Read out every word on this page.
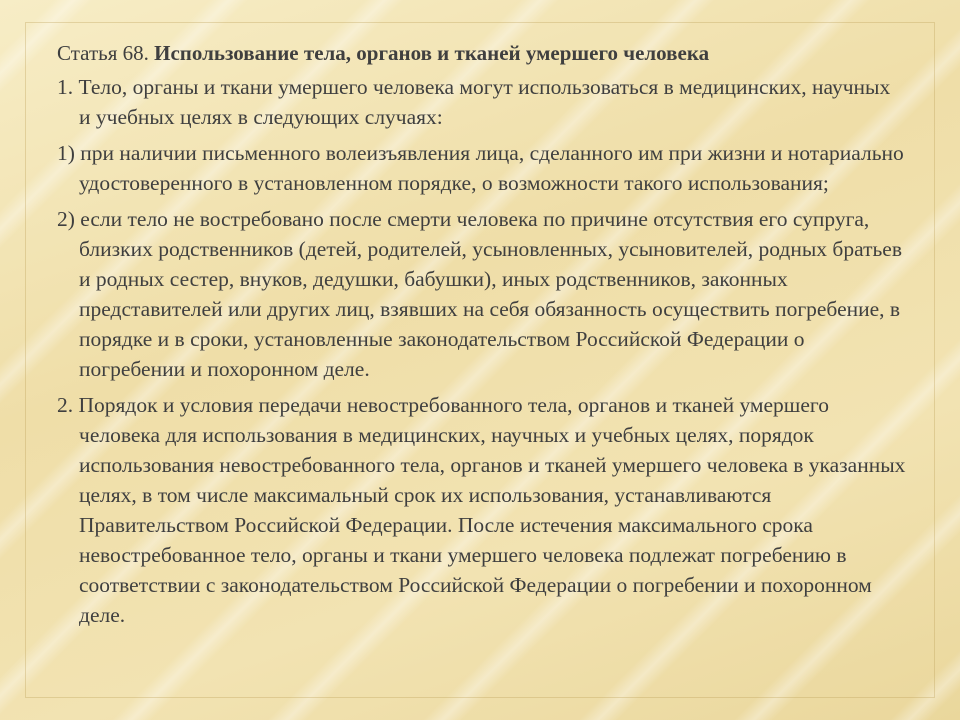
Статья 68. Использование тела, органов и тканей умершего человека

1. Тело, органы и ткани умершего человека могут использоваться в медицинских, научных и учебных целях в следующих случаях:

1) при наличии письменного волеизъявления лица, сделанного им при жизни и нотариально удостоверенного в установленном порядке, о возможности такого использования;

2) если тело не востребовано после смерти человека по причине отсутствия его супруга, близких родственников (детей, родителей, усыновленных, усыновителей, родных братьев и родных сестер, внуков, дедушки, бабушки), иных родственников, законных представителей или других лиц, взявших на себя обязанность осуществить погребение, в порядке и в сроки, установленные законодательством Российской Федерации о погребении и похоронном деле.

2. Порядок и условия передачи невостребованного тела, органов и тканей умершего человека для использования в медицинских, научных и учебных целях, порядок использования невостребованного тела, органов и тканей умершего человека в указанных целях, в том числе максимальный срок их использования, устанавливаются Правительством Российской Федерации. После истечения максимального срока невостребованное тело, органы и ткани умершего человека подлежат погребению в соответствии с законодательством Российской Федерации о погребении и похоронном деле.
